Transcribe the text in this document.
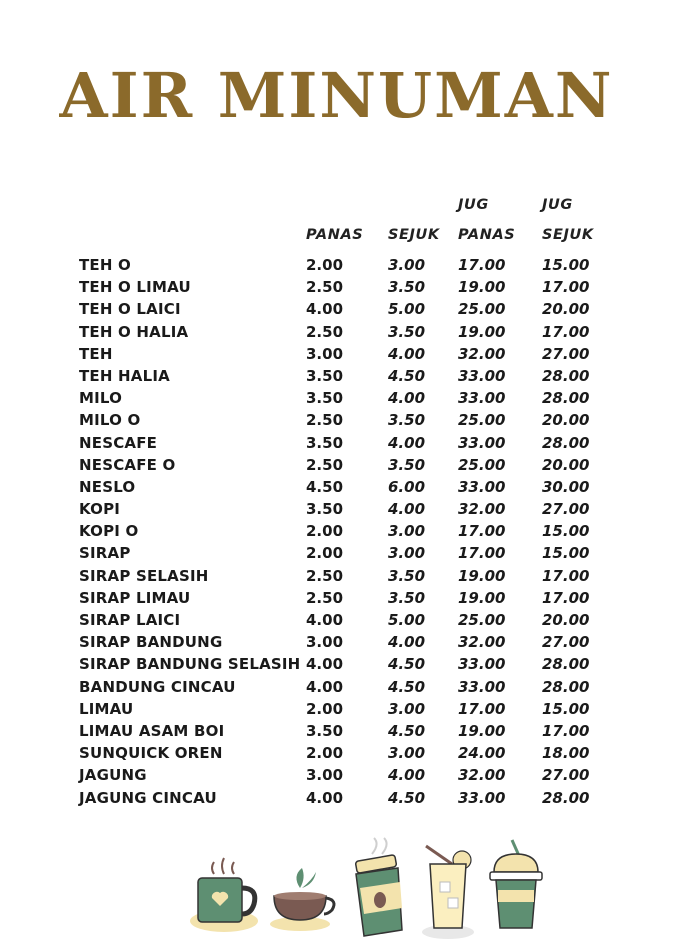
AIR MINUMAN
JUG	JUG
PANAS SEJUK PANAS SEJUK
TEH O	2.00	3.00 17.00 15.00
TEH O LIMAU	2.50	3.50 19.00 17.00
TEH O LAICI	4.00	5.00 25.00 20.00
TEH O HALIA	2.50	3.50 19.00 17.00
TEH	3.00	4.00 32.00 27.00
TEH HALIA	3.50	4.50 33.00 28.00
MILO	3.50	4.00 33.00 28.00
MILO O	2.50	3.50 25.00 20.00
NESCAFE	3.50	4.00 33.00 28.00
NESCAFE O	2.50	3.50 25.00 20.00
NESLO	4.50	6.00 33.00 30.00
KOPI	3.50	4.00 32.00 27.00
KOPI O	2.00	3.00 17.00 15.00
SIRAP	2.00	3.00 17.00 15.00
SIRAP SELASIH	2.50	3.50 19.00 17.00
SIRAP LIMAU	2.50	3.50 19.00 17.00
SIRAP LAICI	4.00	5.00 25.00 20.00
SIRAP BANDUNG	3.00	4.00 32.00 27.00
SIRAP BANDUNG SELASIH 4.00	4.50 33.00 28.00
BANDUNG CINCAU	4.00	4.50 33.00 28.00
LIMAU	2.00	3.00 17.00 15.00
LIMAU ASAM BOI	3.50	4.50 19.00 17.00
SUNQUICK OREN	2.00	3.00 24.00 18.00
JAGUNG	3.00	4.00 32.00 27.00
JAGUNG CINCAU	4.00	4.50 33.00 28.00
